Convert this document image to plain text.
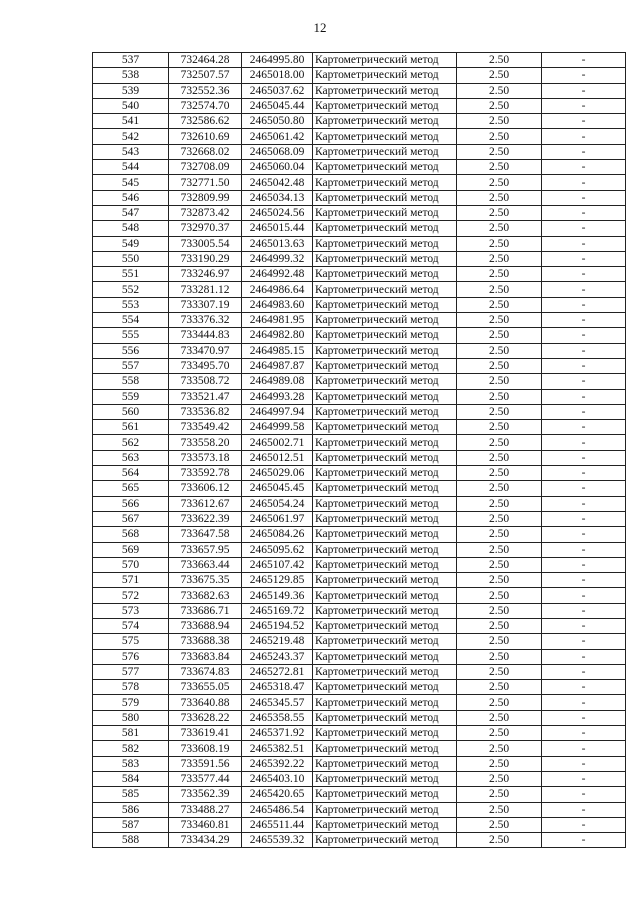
12
537	732464.28	2464995.80	Картометрический метод	2.50	-
538	732507.57	2465018.00	Картометрический метод	2.50	-
539	732552.36	2465037.62	Картометрический метод	2.50	-
540	732574.70	2465045.44	Картометрический метод	2.50	-
541	732586.62	2465050.80	Картометрический метод	2.50	-
542	732610.69	2465061.42	Картометрический метод	2.50	-
543	732668.02	2465068.09	Картометрический метод	2.50	-
544	732708.09	2465060.04	Картометрический метод	2.50	-
545	732771.50	2465042.48	Картометрический метод	2.50	-
546	732809.99	2465034.13	Картометрический метод	2.50	-
547	732873.42	2465024.56	Картометрический метод	2.50	-
548	732970.37	2465015.44	Картометрический метод	2.50	-
549	733005.54	2465013.63	Картометрический метод	2.50	-
550	733190.29	2464999.32	Картометрический метод	2.50	-
551	733246.97	2464992.48	Картометрический метод	2.50	-
552	733281.12	2464986.64	Картометрический метод	2.50	-
553	733307.19	2464983.60	Картометрический метод	2.50	-
554	733376.32	2464981.95	Картометрический метод	2.50	-
555	733444.83	2464982.80	Картометрический метод	2.50	-
556	733470.97	2464985.15	Картометрический метод	2.50	-
557	733495.70	2464987.87	Картометрический метод	2.50	-
558	733508.72	2464989.08	Картометрический метод	2.50	-
559	733521.47	2464993.28	Картометрический метод	2.50	-
560	733536.82	2464997.94	Картометрический метод	2.50	-
561	733549.42	2464999.58	Картометрический метод	2.50	-
562	733558.20	2465002.71	Картометрический метод	2.50	-
563	733573.18	2465012.51	Картометрический метод	2.50	-
564	733592.78	2465029.06	Картометрический метод	2.50	-
565	733606.12	2465045.45	Картометрический метод	2.50	-
566	733612.67	2465054.24	Картометрический метод	2.50	-
567	733622.39	2465061.97	Картометрический метод	2.50	-
568	733647.58	2465084.26	Картометрический метод	2.50	-
569	733657.95	2465095.62	Картометрический метод	2.50	-
570	733663.44	2465107.42	Картометрический метод	2.50	-
571	733675.35	2465129.85	Картометрический метод	2.50	-
572	733682.63	2465149.36	Картометрический метод	2.50	-
573	733686.71	2465169.72	Картометрический метод	2.50	-
574	733688.94	2465194.52	Картометрический метод	2.50	-
575	733688.38	2465219.48	Картометрический метод	2.50	-
576	733683.84	2465243.37	Картометрический метод	2.50	-
577	733674.83	2465272.81	Картометрический метод	2.50	-
578	733655.05	2465318.47	Картометрический метод	2.50	-
579	733640.88	2465345.57	Картометрический метод	2.50	-
580	733628.22	2465358.55	Картометрический метод	2.50	-
581	733619.41	2465371.92	Картометрический метод	2.50	-
582	733608.19	2465382.51	Картометрический метод	2.50	-
583	733591.56	2465392.22	Картометрический метод	2.50	-
584	733577.44	2465403.10	Картометрический метод	2.50	-
585	733562.39	2465420.65	Картометрический метод	2.50	-
586	733488.27	2465486.54	Картометрический метод	2.50	-
587	733460.81	2465511.44	Картометрический метод	2.50	-
588	733434.29	2465539.32	Картометрический метод	2.50	-
